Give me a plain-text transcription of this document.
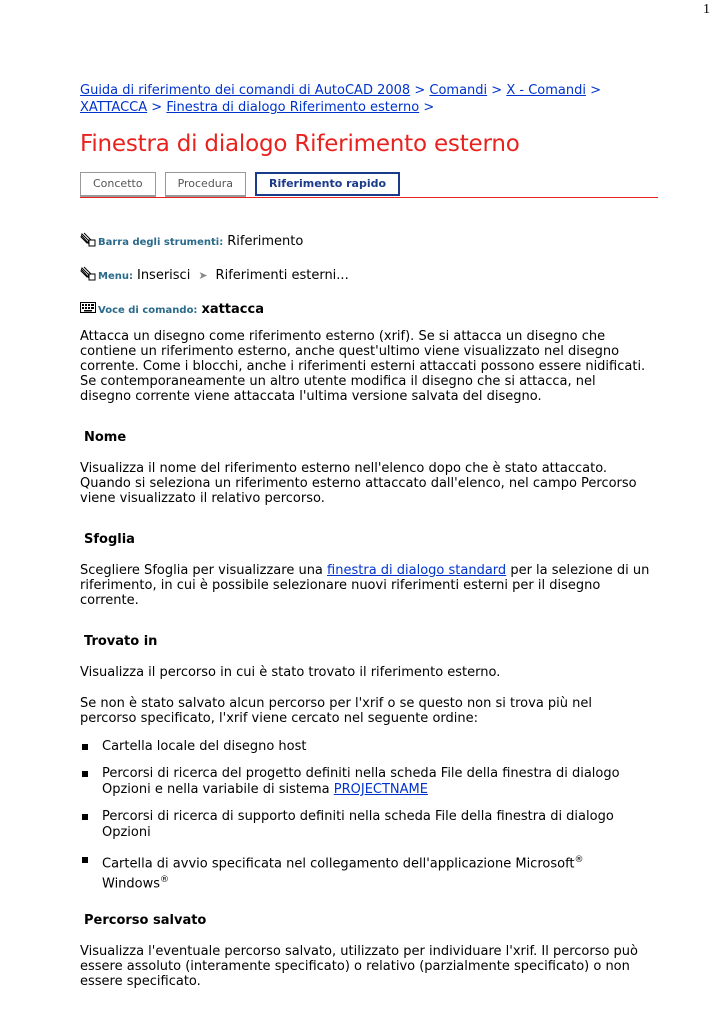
1
Guida di riferimento dei comandi di AutoCAD 2008 > Comandi > X - Comandi > XATTACCA > Finestra di dialogo Riferimento esterno >
Finestra di dialogo Riferimento esterno
Concetto	Procedura	Riferimento rapido
Barra degli strumenti: Riferimento
Menu: Inserisci ➤ Riferimenti esterni...
Voce di comando: xattacca

Attacca un disegno come riferimento esterno (xrif). Se si attacca un disegno che contiene un riferimento esterno, anche quest'ultimo viene visualizzato nel disegno corrente. Come i blocchi, anche i riferimenti esterni attaccati possono essere nidificati. Se contemporaneamente un altro utente modifica il disegno che si attacca, nel disegno corrente viene attaccata l'ultima versione salvata del disegno.

Nome

Visualizza il nome del riferimento esterno nell'elenco dopo che è stato attaccato. Quando si seleziona un riferimento esterno attaccato dall'elenco, nel campo Percorso viene visualizzato il relativo percorso.

Sfoglia

Scegliere Sfoglia per visualizzare una finestra di dialogo standard per la selezione di un riferimento, in cui è possibile selezionare nuovi riferimenti esterni per il disegno corrente.

Trovato in

Visualizza il percorso in cui è stato trovato il riferimento esterno.

Se non è stato salvato alcun percorso per l'xrif o se questo non si trova più nel percorso specificato, l'xrif viene cercato nel seguente ordine:

Cartella locale del disegno host
Percorsi di ricerca del progetto definiti nella scheda File della finestra di dialogo Opzioni e nella variabile di sistema PROJECTNAME
Percorsi di ricerca di supporto definiti nella scheda File della finestra di dialogo Opzioni
Cartella di avvio specificata nel collegamento dell'applicazione Microsoft® Windows®
Percorso salvato

Visualizza l'eventuale percorso salvato, utilizzato per individuare l'xrif. Il percorso può essere assoluto (interamente specificato) o relativo (parzialmente specificato) o non essere specificato.
